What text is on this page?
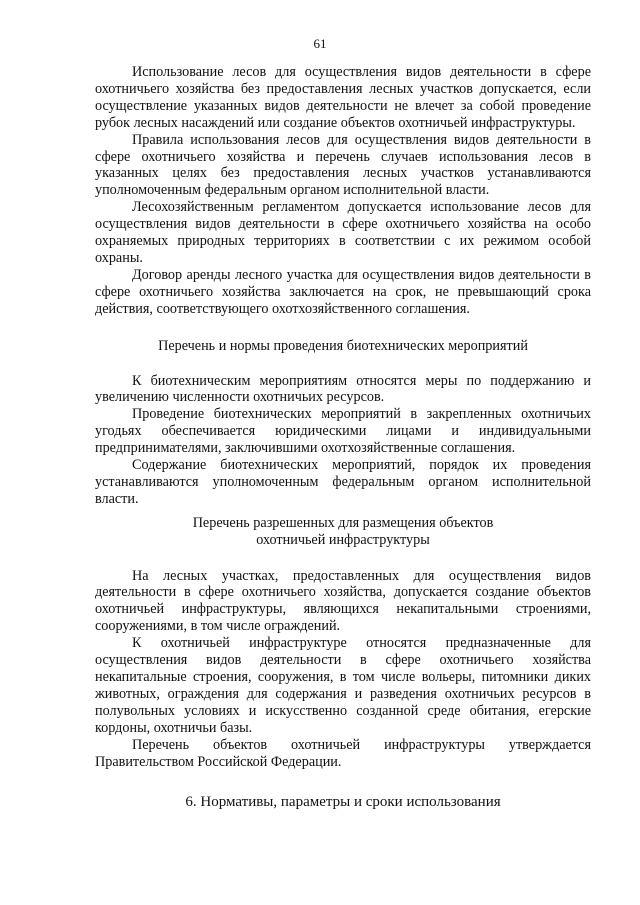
61

Использование лесов для осуществления видов деятельности в сфере охотничьего хозяйства без предоставления лесных участков допускается, если осуществление указанных видов деятельности не влечет за собой проведение рубок лесных насаждений или создание объектов охотничьей инфраструктуры.

Правила использования лесов для осуществления видов деятельности в сфере охотничьего хозяйства и перечень случаев использования лесов в указанных целях без предоставления лесных участков устанавливаются уполномоченным федеральным органом исполнительной власти.

Лесохозяйственным регламентом допускается использование лесов для осуществления видов деятельности в сфере охотничьего хозяйства на особо охраняемых природных территориях в соответствии с их режимом особой охраны.

Договор аренды лесного участка для осуществления видов деятельности в сфере охотничьего хозяйства заключается на срок, не превышающий срока действия, соответствующего охотхозяйственного соглашения.

Перечень и нормы проведения биотехнических мероприятий

К биотехническим мероприятиям относятся меры по поддержанию и увеличению численности охотничьих ресурсов.

Проведение биотехнических мероприятий в закрепленных охотничьих угодьях обеспечивается юридическими лицами и индивидуальными предпринимателями, заключившими охотхозяйственные соглашения.

Содержание биотехнических мероприятий, порядок их проведения устанавливаются уполномоченным федеральным органом исполнительной власти.

Перечень разрешенных для размещения объектов
охотничьей инфраструктуры

На лесных участках, предоставленных для осуществления видов деятельности в сфере охотничьего хозяйства, допускается создание объектов охотничьей инфраструктуры, являющихся некапитальными строениями, сооружениями, в том числе ограждений.

К охотничьей инфраструктуре относятся предназначенные для осуществления видов деятельности в сфере охотничьего хозяйства некапитальные строения, сооружения, в том числе вольеры, питомники диких животных, ограждения для содержания и разведения охотничьих ресурсов в полувольных условиях и искусственно созданной среде обитания, егерские кордоны, охотничьи базы.

Перечень объектов охотничьей инфраструктуры утверждается Правительством Российской Федерации.

6. Нормативы, параметры и сроки использования
